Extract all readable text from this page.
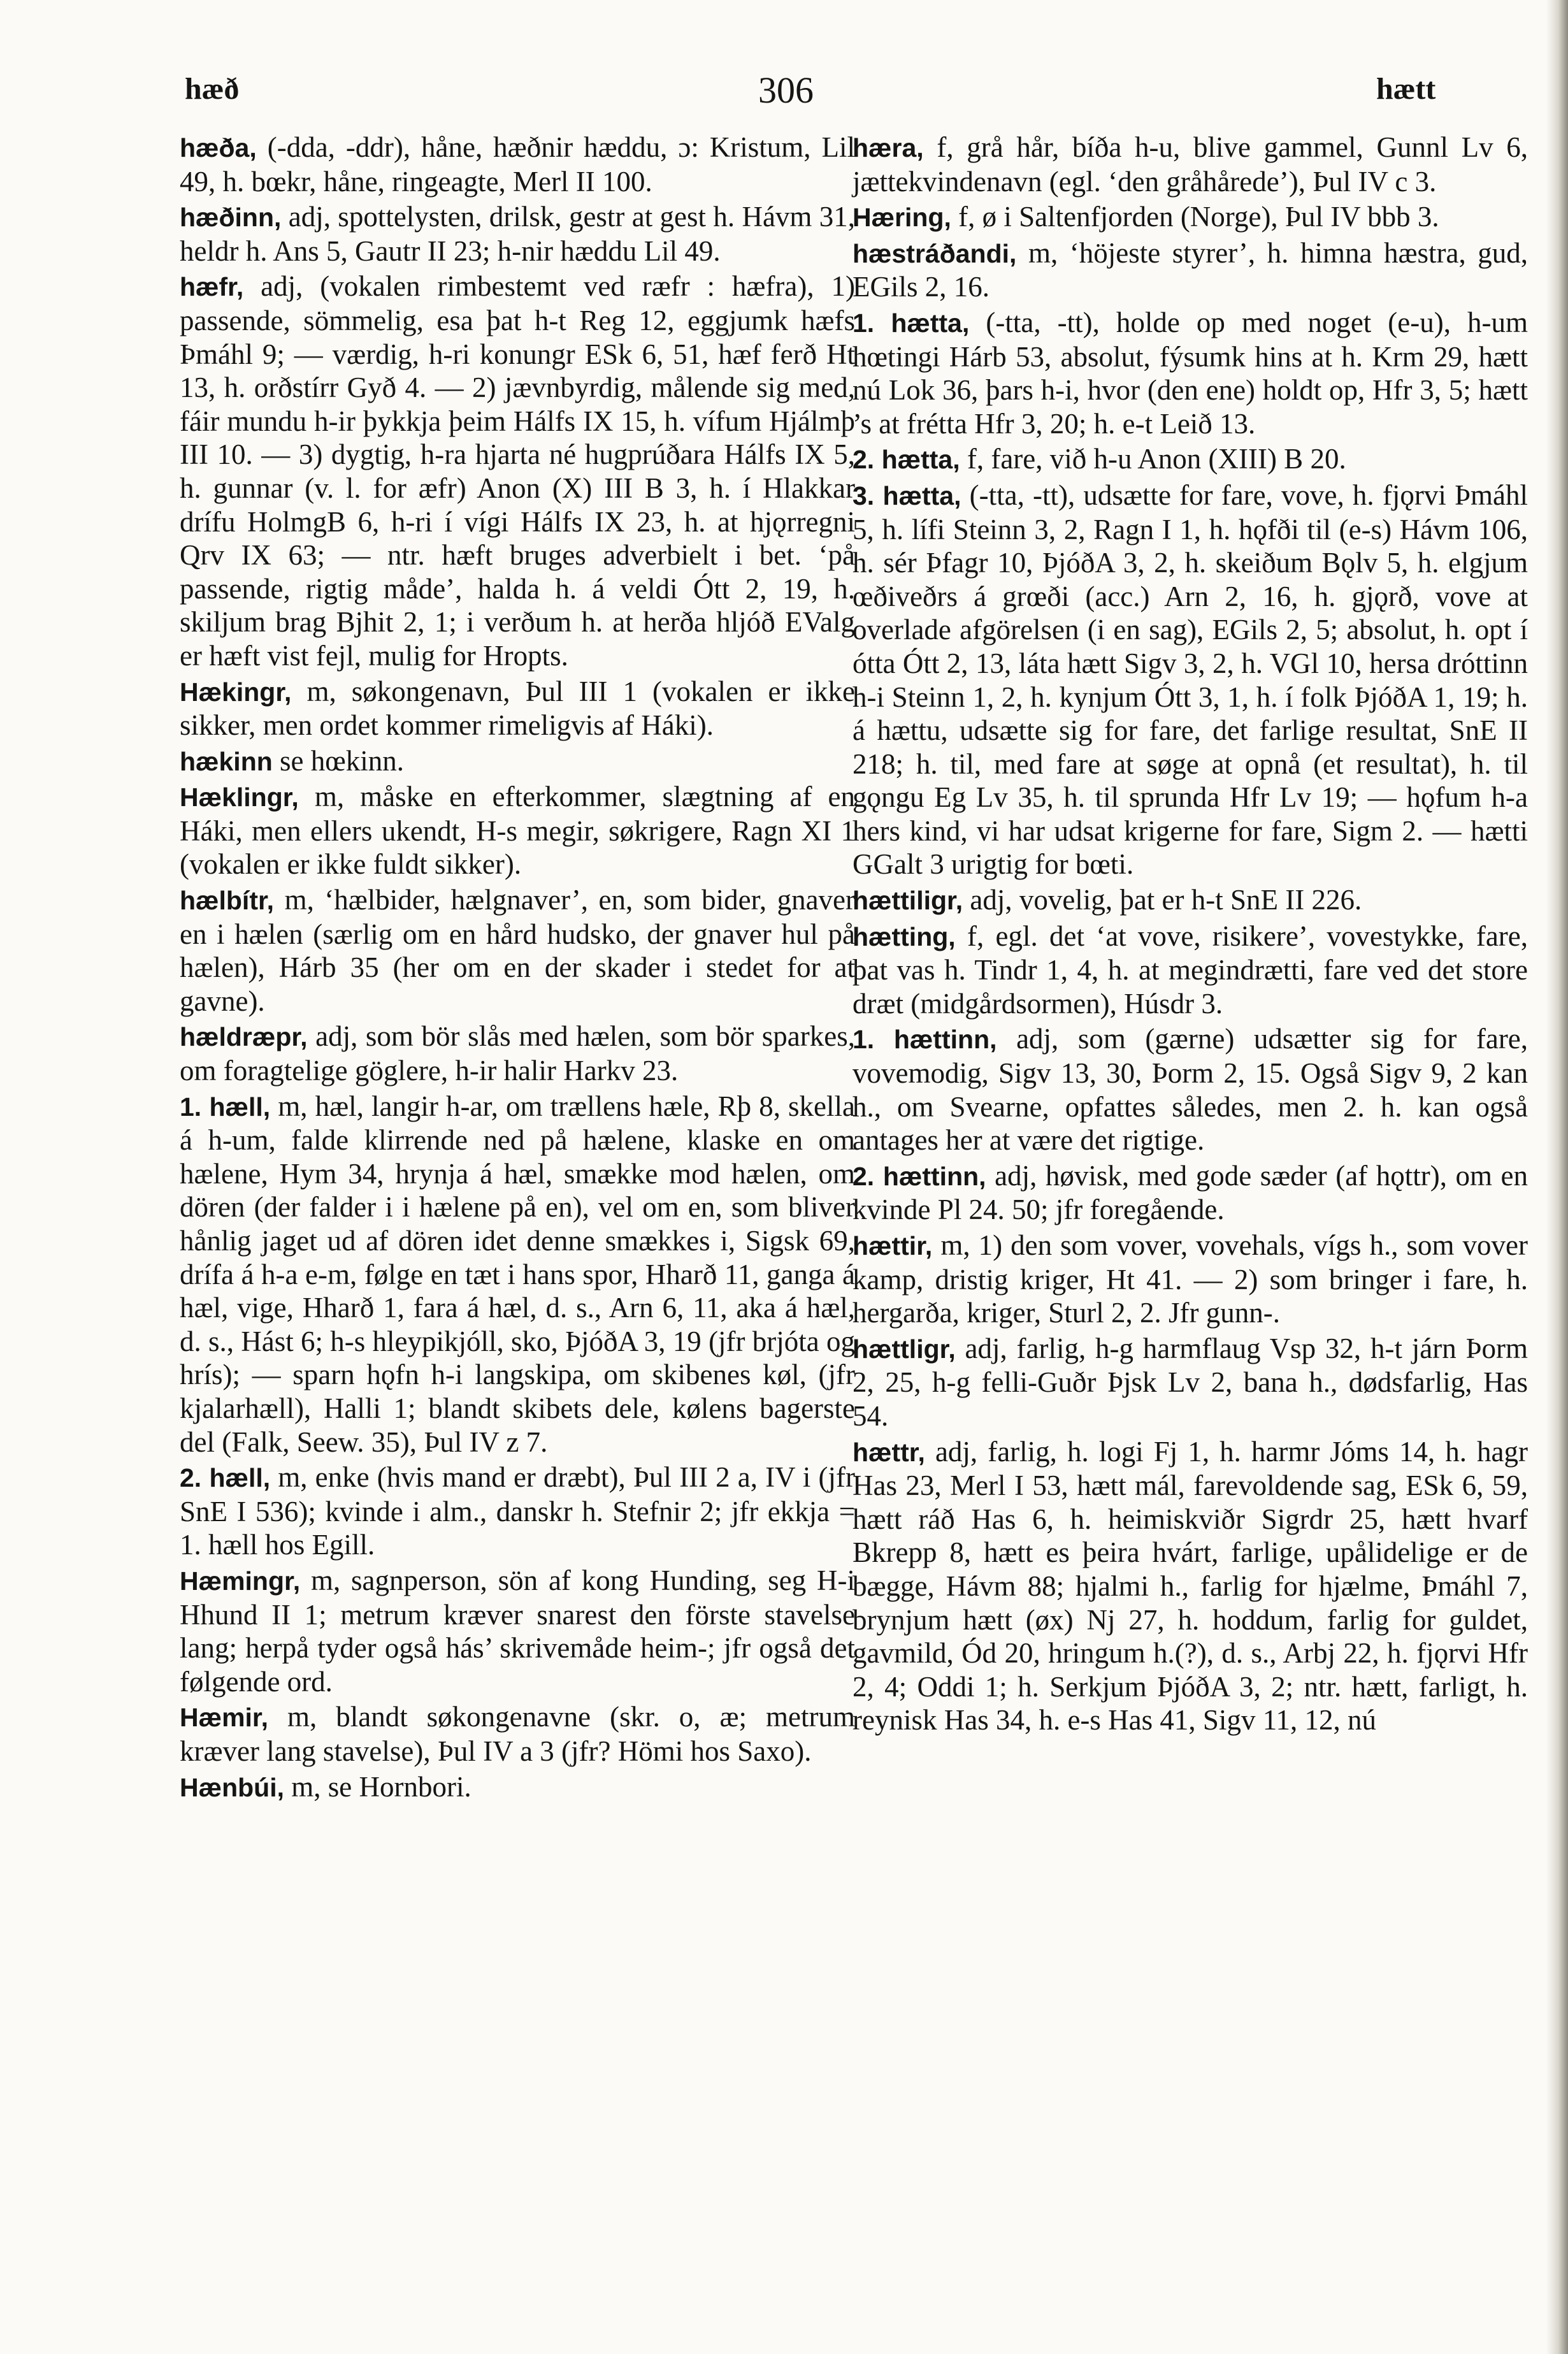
hæð	306	hætt

hæða, (-dda, -ddr), håne, hæðnir hæddu, ɔ: Kristum, Lil 49, h. bœkr, håne, ringeagte, Merl II 100.

hæðinn, adj, spottelysten, drilsk, gestr at gest h. Hávm 31, heldr h. Ans 5, Gautr II 23; h-nir hæddu Lil 49.

hæfr, adj, (vokalen rimbestemt ved ræfr : hæfra), 1) passende, sömmelig, esa þat h-t Reg 12, eggjumk hæfs Þmáhl 9; — værdig, h-ri konungr ESk 6, 51, hæf ferð Ht 13, h. orðstírr Gyð 4. — 2) jævnbyrdig, målende sig med, fáir mundu h-ir þykkja þeim Hálfs IX 15, h. vífum Hjálmþ III 10. — 3) dygtig, h-ra hjarta né hugprúðara Hálfs IX 5, h. gunnar (v. l. for æfr) Anon (X) III B 3, h. í Hlakkar drífu HolmgB 6, h-ri í vígi Hálfs IX 23, h. at hjǫrregni Qrv IX 63; — ntr. hæft bruges adverbielt i bet. ‘på passende, rigtig måde’, halda h. á veldi Ótt 2, 19, h. skiljum brag Bjhit 2, 1; i verðum h. at herða hljóð EValg er hæft vist fejl, mulig for Hropts.

Hækingr, m, søkongenavn, Þul III 1 (vokalen er ikke sikker, men ordet kommer rimeligvis af Háki).

hækinn se hœkinn.

Hæklingr, m, måske en efterkommer, slægtning af en Háki, men ellers ukendt, H-s megir, søkrigere, Ragn XI 1 (vokalen er ikke fuldt sikker).

hælbítr, m, ‘hælbider, hælgnaver’, en, som bider, gnaver en i hælen (særlig om en hård hudsko, der gnaver hul på hælen), Hárb 35 (her om en der skader i stedet for at gavne).

hældræpr, adj, som bör slås med hælen, som bör sparkes, om foragtelige göglere, h-ir halir Harkv 23.

1. hæll, m, hæl, langir h-ar, om trællens hæle, Rþ 8, skella á h-um, falde klirrende ned på hælene, klaske en om hælene, Hym 34, hrynja á hæl, smække mod hælen, om dören (der falder i i hælene på en), vel om en, som bliver hånlig jaget ud af dören idet denne smækkes i, Sigsk 69, drífa á h-a e-m, følge en tæt i hans spor, Hharð 11, ganga á hæl, vige, Hharð 1, fara á hæl, d. s., Arn 6, 11, aka á hæl, d. s., Hást 6; h-s hleypikjóll, sko, ÞjóðA 3, 19 (jfr brjóta og hrís); — sparn hǫfn h-i langskipa, om skibenes køl, (jfr kjalarhæll), Halli 1; blandt skibets dele, kølens bagerste del (Falk, Seew. 35), Þul IV z 7.

2. hæll, m, enke (hvis mand er dræbt), Þul III 2 a, IV i (jfr SnE I 536); kvinde i alm., danskr h. Stefnir 2; jfr ekkja = 1. hæll hos Egill.

Hæmingr, m, sagnperson, sön af kong Hunding, seg H-i Hhund II 1; metrum kræver snarest den förste stavelse lang; herpå tyder også hás’ skrivemåde heim-; jfr også det følgende ord.

Hæmir, m, blandt søkongenavne (skr. o, æ; metrum kræver lang stavelse), Þul IV a 3 (jfr? Hömi hos Saxo).

Hænbúi, m, se Hornbori.

hæra, f, grå hår, bíða h-u, blive gammel, Gunnl Lv 6, jættekvindenavn (egl. ‘den gråhårede’), Þul IV c 3.

Hæring, f, ø i Saltenfjorden (Norge), Þul IV bbb 3.

hæstráðandi, m, ‘höjeste styrer’, h. himna hæstra, gud, EGils 2, 16.

1. hætta, (-tta, -tt), holde op med noget (e-u), h-um hœtingi Hárb 53, absolut, fýsumk hins at h. Krm 29, hætt nú Lok 36, þars h-i, hvor (den ene) holdt op, Hfr 3, 5; hætt ’s at frétta Hfr 3, 20; h. e-t Leið 13.

2. hætta, f, fare, við h-u Anon (XIII) B 20.

3. hætta, (-tta, -tt), udsætte for fare, vove, h. fjǫrvi Þmáhl 5, h. lífi Steinn 3, 2, Ragn I 1, h. hǫfði til (e-s) Hávm 106, h. sér Þfagr 10, ÞjóðA 3, 2, h. skeiðum Bǫlv 5, h. elgjum œðiveðrs á grœði (acc.) Arn 2, 16, h. gjǫrð, vove at overlade afgörelsen (i en sag), EGils 2, 5; absolut, h. opt í ótta Ótt 2, 13, láta hætt Sigv 3, 2, h. VGl 10, hersa dróttinn h-i Steinn 1, 2, h. kynjum Ótt 3, 1, h. í folk ÞjóðA 1, 19; h. á hættu, udsætte sig for fare, det farlige resultat, SnE II 218; h. til, med fare at søge at opnå (et resultat), h. til gǫngu Eg Lv 35, h. til sprunda Hfr Lv 19; — hǫfum h-a hers kind, vi har udsat krigerne for fare, Sigm 2. — hætti GGalt 3 urigtig for bœti.

hættiligr, adj, vovelig, þat er h-t SnE II 226.

hætting, f, egl. det ‘at vove, risikere’, vovestykke, fare, þat vas h. Tindr 1, 4, h. at megindrætti, fare ved det store dræt (midgårdsormen), Húsdr 3.

1. hættinn, adj, som (gærne) udsætter sig for fare, vovemodig, Sigv 13, 30, Þorm 2, 15. Også Sigv 9, 2 kan h., om Svearne, opfattes således, men 2. h. kan også antages her at være det rigtige.

2. hættinn, adj, høvisk, med gode sæder (af hǫttr), om en kvinde Pl 24. 50; jfr foregående.

hættir, m, 1) den som vover, vovehals, vígs h., som vover kamp, dristig kriger, Ht 41. — 2) som bringer i fare, h. hergarða, kriger, Sturl 2, 2. Jfr gunn-.

hættligr, adj, farlig, h-g harmflaug Vsp 32, h-t járn Þorm 2, 25, h-g felli-Guðr Þjsk Lv 2, bana h., dødsfarlig, Has 54.

hættr, adj, farlig, h. logi Fj 1, h. harmr Jóms 14, h. hagr Has 23, Merl I 53, hætt mál, farevoldende sag, ESk 6, 59, hætt ráð Has 6, h. heimiskviðr Sigrdr 25, hætt hvarf Bkrepp 8, hætt es þeira hvárt, farlige, upålidelige er de bægge, Hávm 88; hjalmi h., farlig for hjælme, Þmáhl 7, brynjum hætt (øx) Nj 27, h. hoddum, farlig for guldet, gavmild, Ód 20, hringum h.(?), d. s., Arbj 22, h. fjǫrvi Hfr 2, 4; Oddi 1; h. Serkjum ÞjóðA 3, 2; ntr. hætt, farligt, h. reynisk Has 34, h. e-s Has 41, Sigv 11, 12, nú
